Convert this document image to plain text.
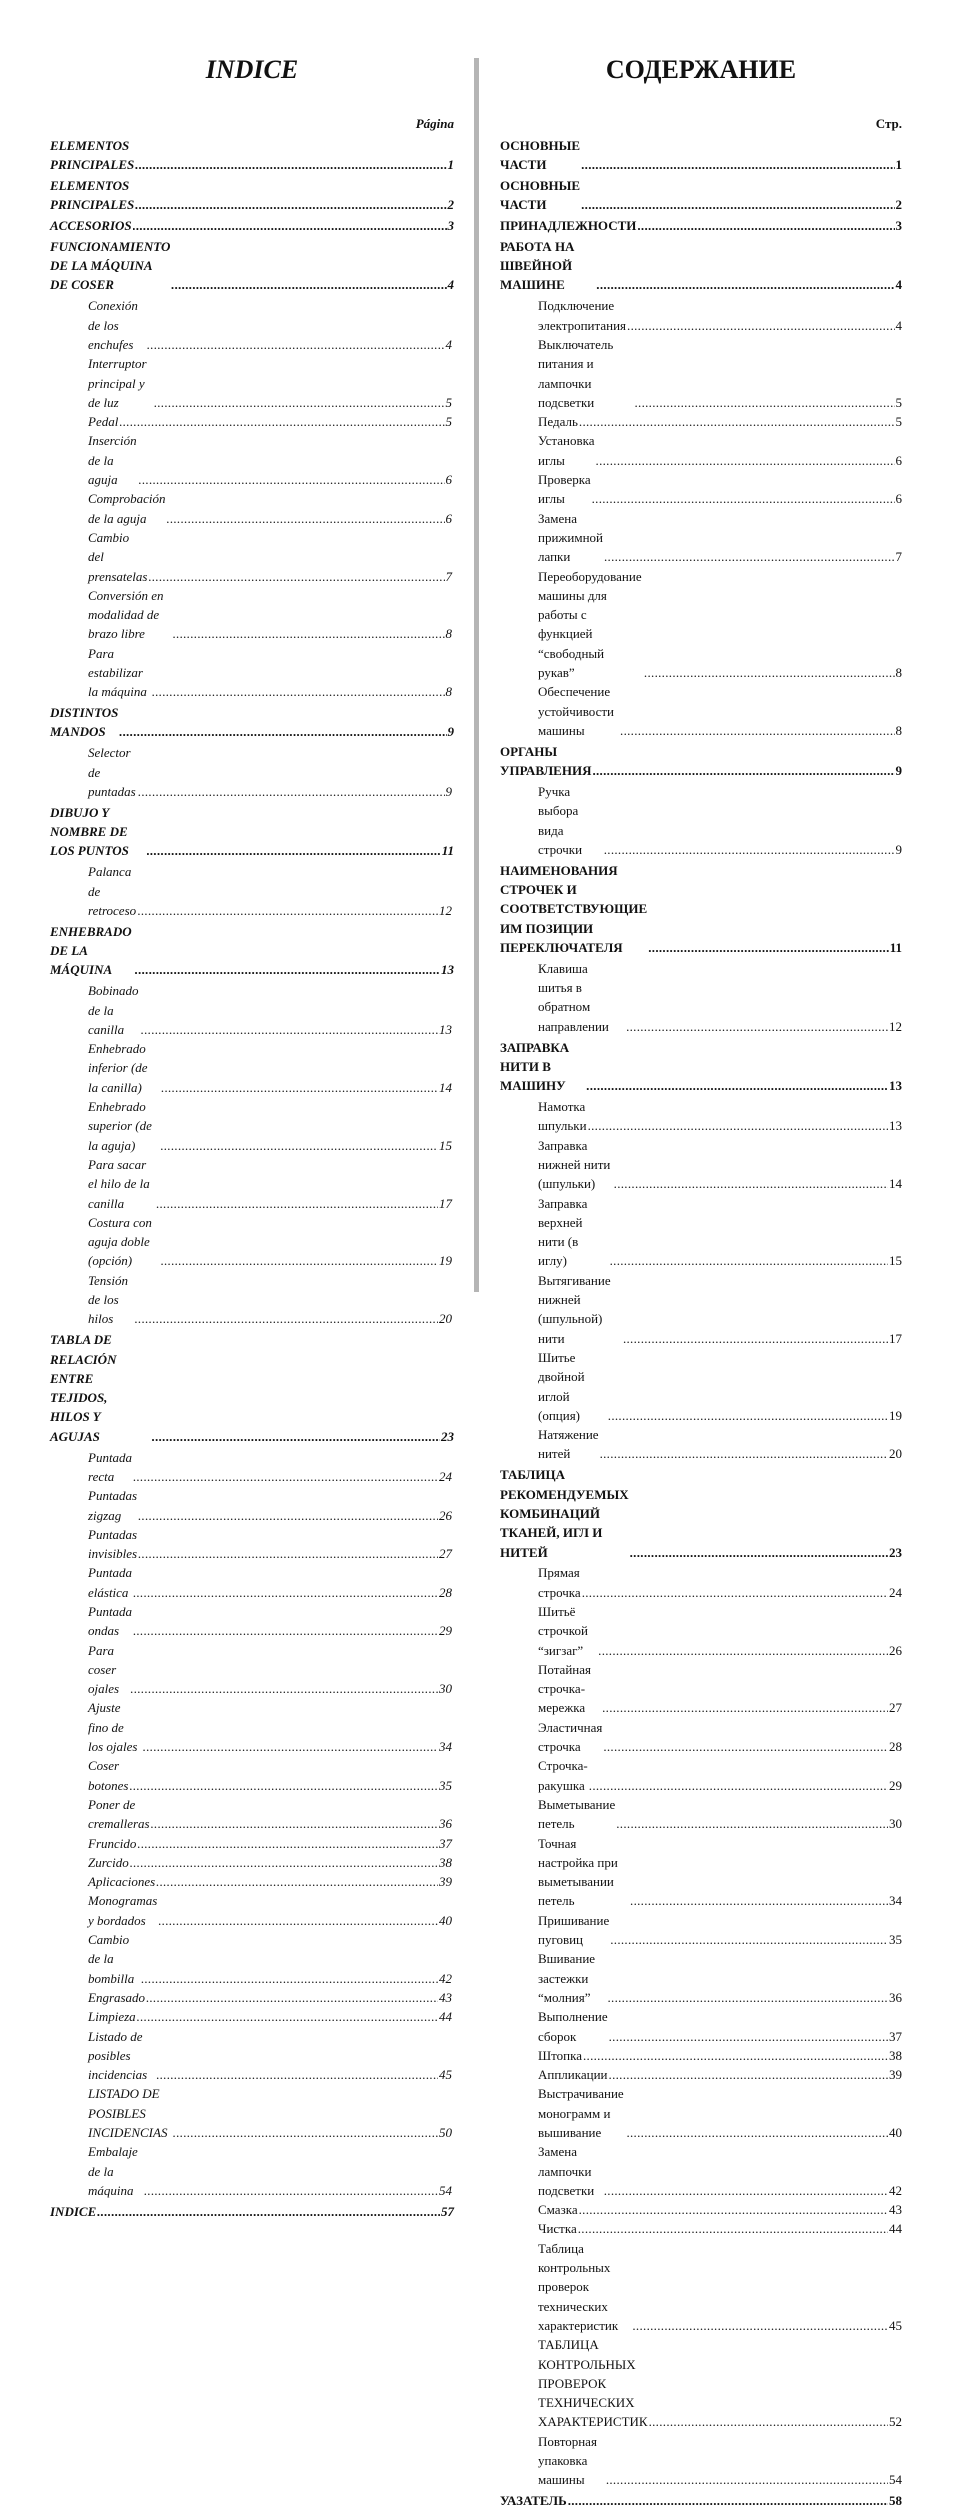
INDICE
Página
ELEMENTOS PRINCIPALES .....	1
ELEMENTOS PRINCIPALES .....	2
ACCESORIOS .....	3
FUNCIONAMIENTO DE LA MÁQUINA DE COSER .....	4
Conexión de los enchufes .....	4
Interruptor principal y de luz .....	5
Pedal .....	5
Inserción de la aguja .....	6
Comprobación de la aguja .....	6
Cambio del prensatelas .....	7
Conversión en modalidad de brazo libre .....	8
Para estabilizar la máquina .....	8
DISTINTOS MANDOS .....	9
Selector de puntadas .....	9
DIBUJO Y NOMBRE DE LOS PUNTOS .....	11
Palanca de retroceso .....	12
ENHEBRADO DE LA MÁQUINA .....	13
Bobinado de la canilla .....	13
Enhebrado inferior (de la canilla) .....	14
Enhebrado superior (de la aguja) .....	15
Para sacar el hilo de la canilla .....	17
Costura con aguja doble (opción) .....	19
Tensión de los hilos .....	20
TABLA DE RELACIÓN ENTRE TEJIDOS,
HILOS Y AGUJAS .....	23
Puntada recta .....	24
Puntadas zigzag .....	26
Puntadas invisibles .....	27
Puntada elástica .....	28
Puntada ondas .....	29
Para coser ojales .....	30
Ajuste fino de los ojales .....	34
Coser botones .....	35
Poner de cremalleras .....	36
Fruncido .....	37
Zurcido .....	38
Aplicaciones .....	39
Monogramas y bordados .....	40
Cambio de la bombilla .....	42
Engrasado .....	43
Limpieza .....	44
Listado de posibles incidencias .....	45
LISTADO DE POSIBLES INCIDENCIAS .....	50
Embalaje de la máquina .....	54
INDICE .....	57
СОДЕРЖАНИЕ
Стр.
ОСНОВНЫЕ ЧАСТИ .....	1
ОСНОВНЫЕ ЧАСТИ .....	2
ПРИНАДЛЕЖНОСТИ .....	3
РАБОТА НА ШВЕЙНОЙ МАШИНЕ .....	4
Подключение электропитания .....	4
Выключатель питания и лампочки подсветки .....	5
Педаль .....	5
Установка иглы .....	6
Проверка иглы .....	6
Замена прижимной лапки .....	7
Переоборудование машины для работы с функцией
“свободный рукав” .....	8
Обеспечение устойчивости машины .....	8
ОРГАНЫ УПРАВЛЕНИЯ .....	9
Ручка выбора вида строчки .....	9
НАИМЕНОВАНИЯ СТРОЧЕК И СООТВЕТСТВУЮЩИЕ
ИМ ПОЗИЦИИ ПЕРЕКЛЮЧАТЕЛЯ .....	11
Клавиша шитья в обратном направлении .....	12
ЗАПРАВКА НИТИ В МАШИНУ .....	13
Намотка шпульки .....	13
Заправка нижней нити (шпульки) .....	14
Заправка верхней нити (в иглу) .....	15
Вытягивание нижней (шпульной) нити .....	17
Шитье двойной иглой (опция) .....	19
Натяжение нитей .....	20
ТАБЛИЦА РЕКОМЕНДУЕМЫХ КОМБИНАЦИЙ
ТКАНЕЙ, ИГЛ И НИТЕЙ .....	23
Прямая строчка .....	24
Шитьё строчкой “зигзаг” .....	26
Потайная строчка-мережка .....	27
Эластичная строчка .....	28
Строчка-ракушка .....	29
Выметывание петель .....	30
Точная настройка при выметывании петель .....	34
Пришивание пуговиц .....	35
Вшивание застежки “молния” .....	36
Выполнение сборок .....	37
Штопка .....	38
Аппликации .....	39
Выстрачивание монограмм и вышивание .....	40
Замена лампочки подсветки .....	42
Смазка .....	43
Чистка .....	44
Таблица контрольных проверок технических
характеристик .....	45
ТАБЛИЦА КОНТРОЛЬНЫХ ПРОВЕРОК
ТЕХНИЧЕСКИХ ХАРАКТЕРИСТИК .....	52
Повторная упаковка машины .....	54
УАЗАТЕЛЬ .....	58
